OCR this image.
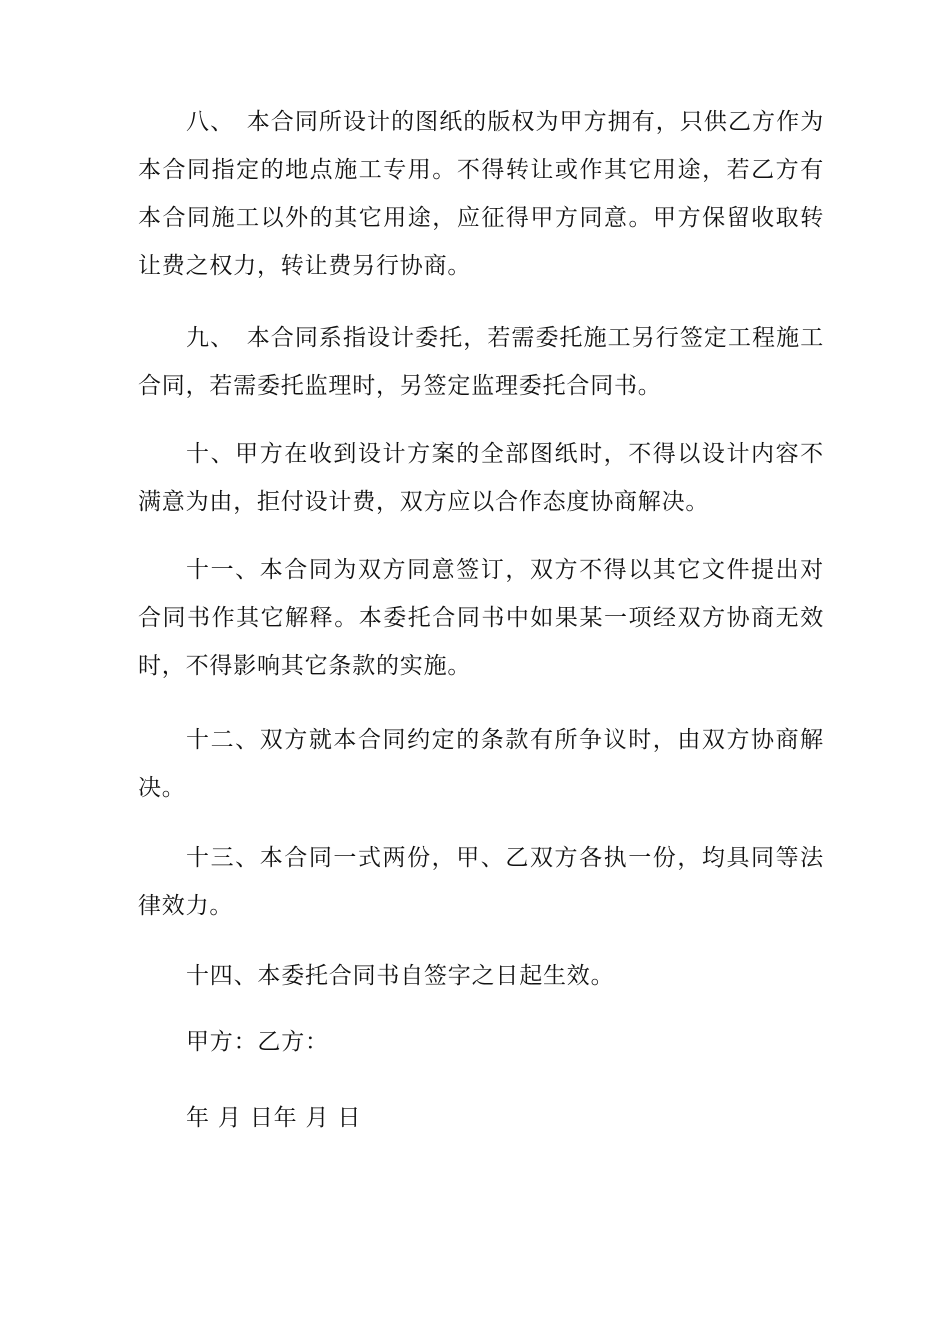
八、　本合同所设计的图纸的版权为甲方拥有，只供乙方作为本合同指定的地点施工专用。不得转让或作其它用途，若乙方有本合同施工以外的其它用途，应征得甲方同意。甲方保留收取转让费之权力，转让费另行协商。

九、　本合同系指设计委托，若需委托施工另行签定工程施工合同，若需委托监理时，另签定监理委托合同书。

十、甲方在收到设计方案的全部图纸时，不得以设计内容不满意为由，拒付设计费，双方应以合作态度协商解决。

十一、本合同为双方同意签订，双方不得以其它文件提出对合同书作其它解释。本委托合同书中如果某一项经双方协商无效时，不得影响其它条款的实施。

十二、双方就本合同约定的条款有所争议时，由双方协商解决。

十三、本合同一式两份，甲、乙双方各执一份，均具同等法律效力。

十四、本委托合同书自签字之日起生效。

甲方：乙方：

年 月 日年 月 日
